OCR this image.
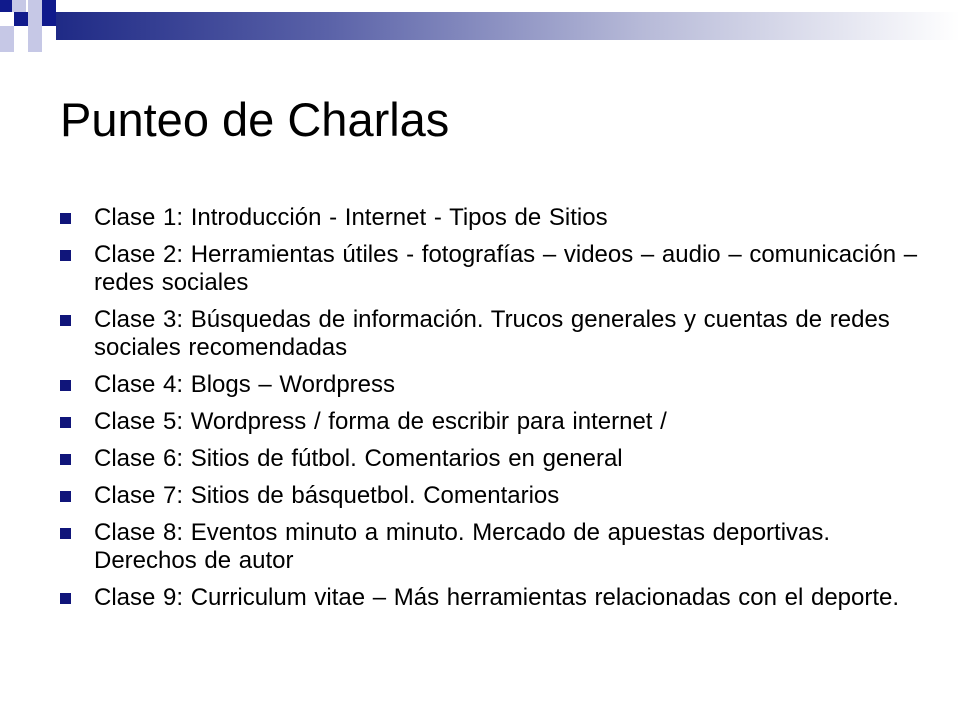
Punteo de Charlas
Clase 1: Introducción - Internet - Tipos de Sitios
Clase 2: Herramientas útiles - fotografías – videos – audio – comunicación – redes sociales
Clase 3: Búsquedas de información. Trucos generales y cuentas de redes sociales recomendadas
Clase 4: Blogs – Wordpress
Clase 5: Wordpress / forma de escribir para internet /
Clase 6: Sitios de fútbol. Comentarios en general
Clase 7: Sitios de básquetbol. Comentarios
Clase 8: Eventos minuto a minuto. Mercado de apuestas deportivas. Derechos de autor
Clase 9: Curriculum vitae – Más herramientas relacionadas con el deporte.
